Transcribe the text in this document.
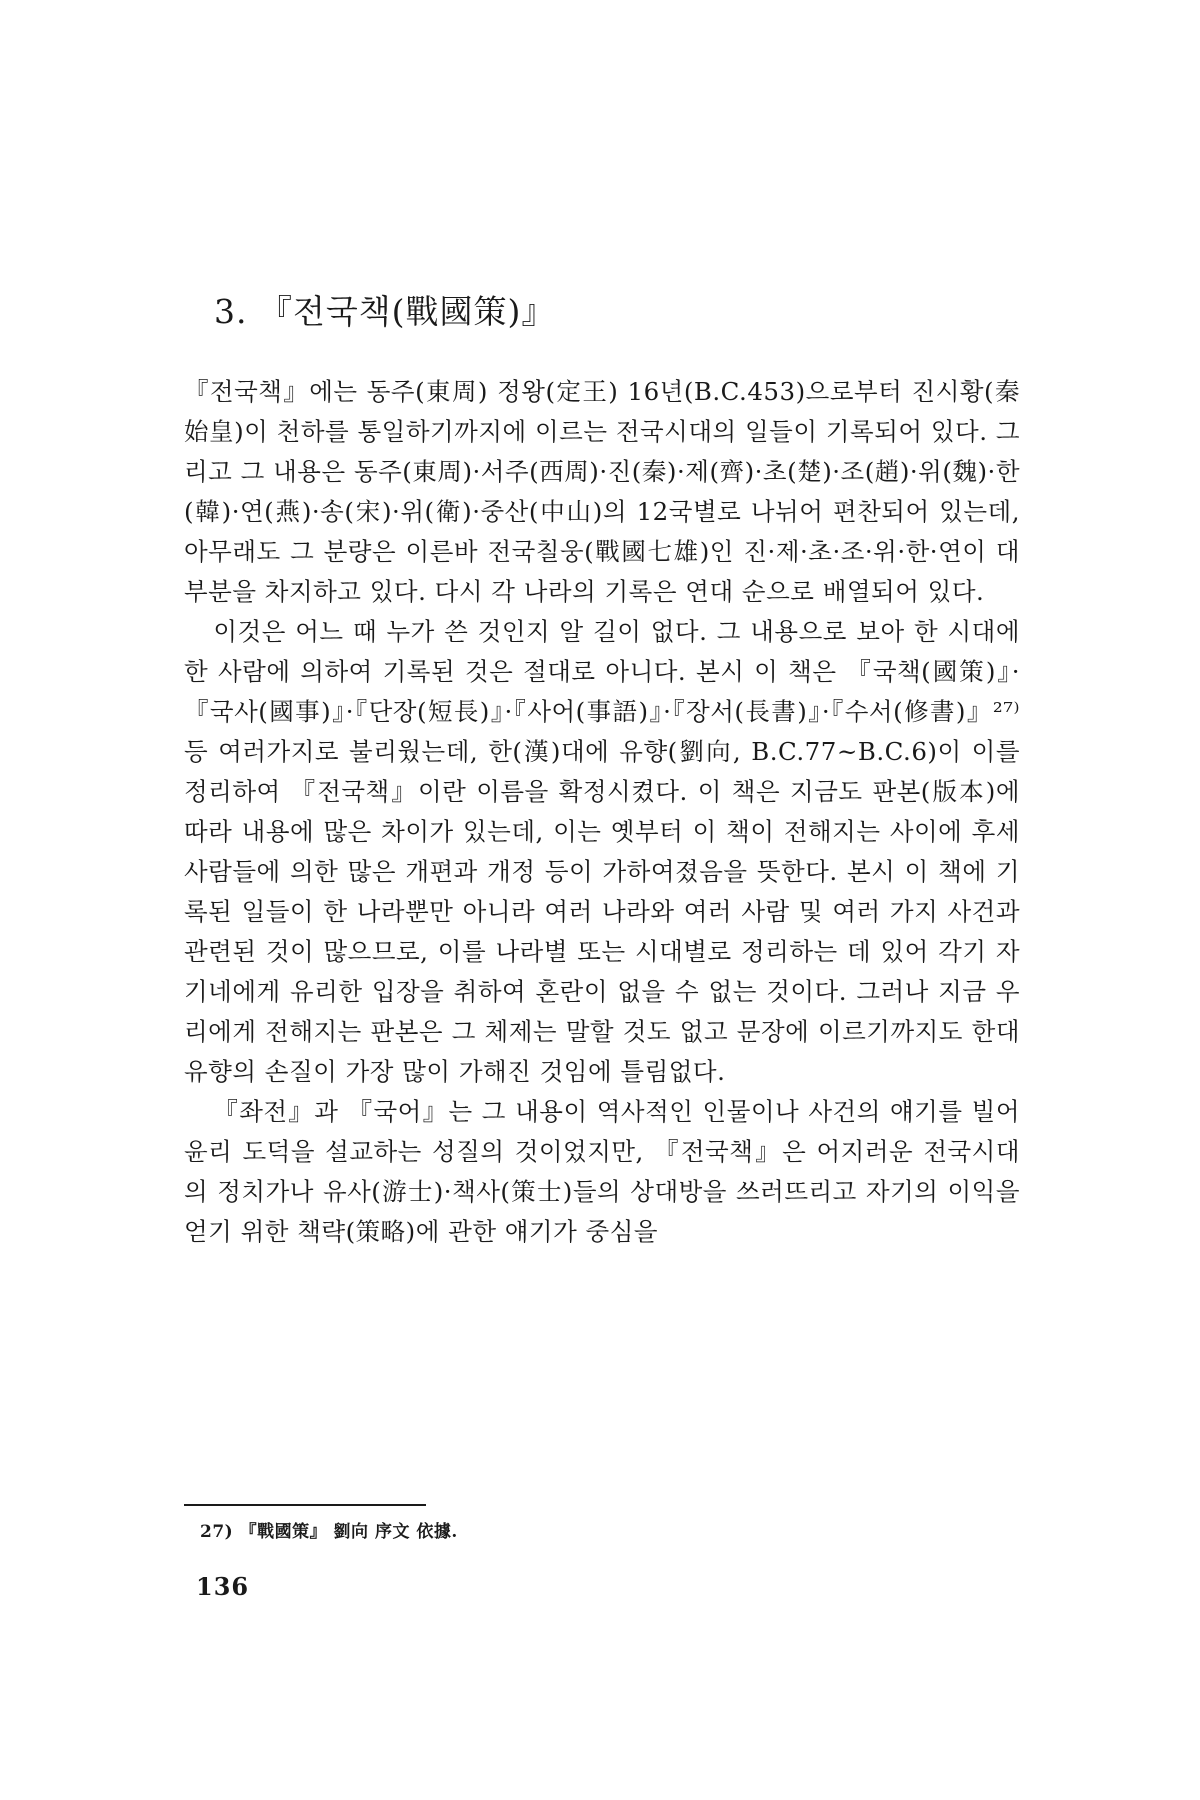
3. 『전국책(戰國策)』

『전국책』에는 동주(東周) 정왕(定王) 16년(B.C.453)으로부터 진시황(秦始皇)이 천하를 통일하기까지에 이르는 전국시대의 일들이 기록되어 있다. 그리고 그 내용은 동주(東周)·서주(西周)·진(秦)·제(齊)·초(楚)·조(趙)·위(魏)·한(韓)·연(燕)·송(宋)·위(衛)·중산(中山)의 12국별로 나뉘어 편찬되어 있는데, 아무래도 그 분량은 이른바 전국칠웅(戰國七雄)인 진·제·초·조·위·한·연이 대부분을 차지하고 있다. 다시 각 나라의 기록은 연대 순으로 배열되어 있다.

이것은 어느 때 누가 쓴 것인지 알 길이 없다. 그 내용으로 보아 한 시대에 한 사람에 의하여 기록된 것은 절대로 아니다. 본시 이 책은 『국책(國策)』·『국사(國事)』·『단장(短長)』·『사어(事語)』·『장서(長書)』·『수서(修書)』²⁷⁾ 등 여러가지로 불리웠는데, 한(漢)대에 유향(劉向, B.C.77~B.C.6)이 이를 정리하여 『전국책』이란 이름을 확정시켰다. 이 책은 지금도 판본(版本)에 따라 내용에 많은 차이가 있는데, 이는 옛부터 이 책이 전해지는 사이에 후세 사람들에 의한 많은 개편과 개정 등이 가하여졌음을 뜻한다. 본시 이 책에 기록된 일들이 한 나라뿐만 아니라 여러 나라와 여러 사람 및 여러 가지 사건과 관련된 것이 많으므로, 이를 나라별 또는 시대별로 정리하는 데 있어 각기 자기네에게 유리한 입장을 취하여 혼란이 없을 수 없는 것이다. 그러나 지금 우리에게 전해지는 판본은 그 체제는 말할 것도 없고 문장에 이르기까지도 한대 유향의 손질이 가장 많이 가해진 것임에 틀림없다.

『좌전』과 『국어』는 그 내용이 역사적인 인물이나 사건의 얘기를 빌어 윤리 도덕을 설교하는 성질의 것이었지만, 『전국책』은 어지러운 전국시대의 정치가나 유사(游士)·책사(策士)들의 상대방을 쓰러뜨리고 자기의 이익을 얻기 위한 책략(策略)에 관한 얘기가 중심을

27) 『戰國策』 劉向 序文 依據.
136
